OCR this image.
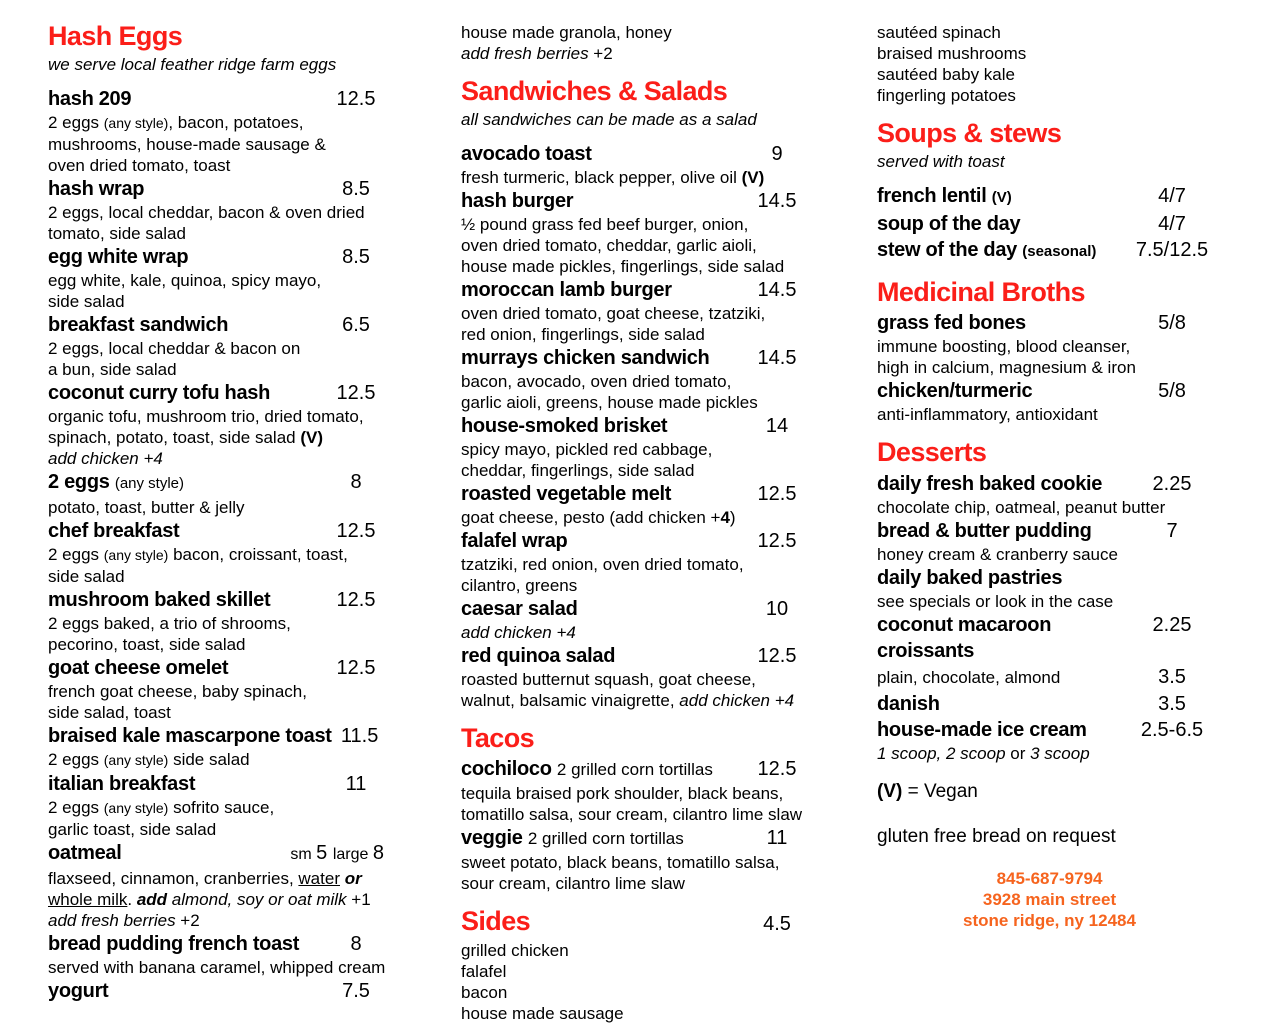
Hash Eggs
we serve local feather ridge farm eggs
hash 209	12.5
2 eggs (any style), bacon, potatoes,
mushrooms, house-made sausage &
oven dried tomato, toast
hash wrap	8.5
2 eggs, local cheddar, bacon & oven dried
tomato, side salad
egg white wrap	8.5
egg white, kale, quinoa, spicy mayo,
side salad
breakfast sandwich	6.5
2 eggs, local cheddar & bacon on
a bun, side salad
coconut curry tofu hash	12.5
organic tofu, mushroom trio, dried tomato,
spinach, potato, toast, side salad (V)
add chicken +4
2 eggs (any style)	8
potato, toast, butter & jelly
chef breakfast	12.5
2 eggs (any style) bacon, croissant, toast,
side salad
mushroom baked skillet	12.5
2 eggs baked, a trio of shrooms,
pecorino, toast, side salad
goat cheese omelet	12.5
french goat cheese, baby spinach,
side salad, toast
braised kale mascarpone toast 11.5
2 eggs (any style) side salad
italian breakfast	11
2 eggs (any style) sofrito sauce,
garlic toast, side salad
oatmeal	sm 5 large 8
flaxseed, cinnamon, cranberries, water or
whole milk. add almond, soy or oat milk +1
add fresh berries +2
bread pudding french toast	8
served with banana caramel, whipped cream
yogurt	7.5
house made granola, honey
add fresh berries +2
Sandwiches & Salads
all sandwiches can be made as a salad
avocado toast	9
fresh turmeric, black pepper, olive oil (V)
hash burger	14.5
½ pound grass fed beef burger, onion,
oven dried tomato, cheddar, garlic aioli,
house made pickles, fingerlings, side salad
moroccan lamb burger	14.5
oven dried tomato, goat cheese, tzatziki,
red onion, fingerlings, side salad
murrays chicken sandwich	14.5
bacon, avocado, oven dried tomato,
garlic aioli, greens, house made pickles
house-smoked brisket	14
spicy mayo, pickled red cabbage,
cheddar, fingerlings, side salad
roasted vegetable melt	12.5
goat cheese, pesto (add chicken +4)
falafel wrap	12.5
tzatziki, red onion, oven dried tomato,
cilantro, greens
caesar salad	10
add chicken +4
red quinoa salad	12.5
roasted butternut squash, goat cheese,
walnut, balsamic vinaigrette, add chicken +4
Tacos
cochiloco 2 grilled corn tortillas	12.5
tequila braised pork shoulder, black beans,
tomatillo salsa, sour cream, cilantro lime slaw
veggie 2 grilled corn tortillas	11
sweet potato, black beans, tomatillo salsa,
sour cream, cilantro lime slaw
Sides	4.5
grilled chicken
falafel
bacon
house made sausage
sautéed spinach
braised mushrooms
sautéed baby kale
fingerling potatoes
Soups & stews
served with toast
french lentil (V)	4/7
soup of the day	4/7
stew of the day (seasonal)	7.5/12.5
Medicinal Broths
grass fed bones	5/8
immune boosting, blood cleanser,
high in calcium, magnesium & iron
chicken/turmeric	5/8
anti-inflammatory, antioxidant
Desserts
daily fresh baked cookie	2.25
chocolate chip, oatmeal, peanut butter
bread & butter pudding	7
honey cream & cranberry sauce
daily baked pastries
see specials or look in the case
coconut macaroon	2.25
croissants
plain, chocolate, almond	3.5
danish	3.5
house-made ice cream	2.5-6.5
1 scoop, 2 scoop or 3 scoop
(V) = Vegan
gluten free bread on request
845-687-9794
3928 main street
stone ridge, ny 12484
